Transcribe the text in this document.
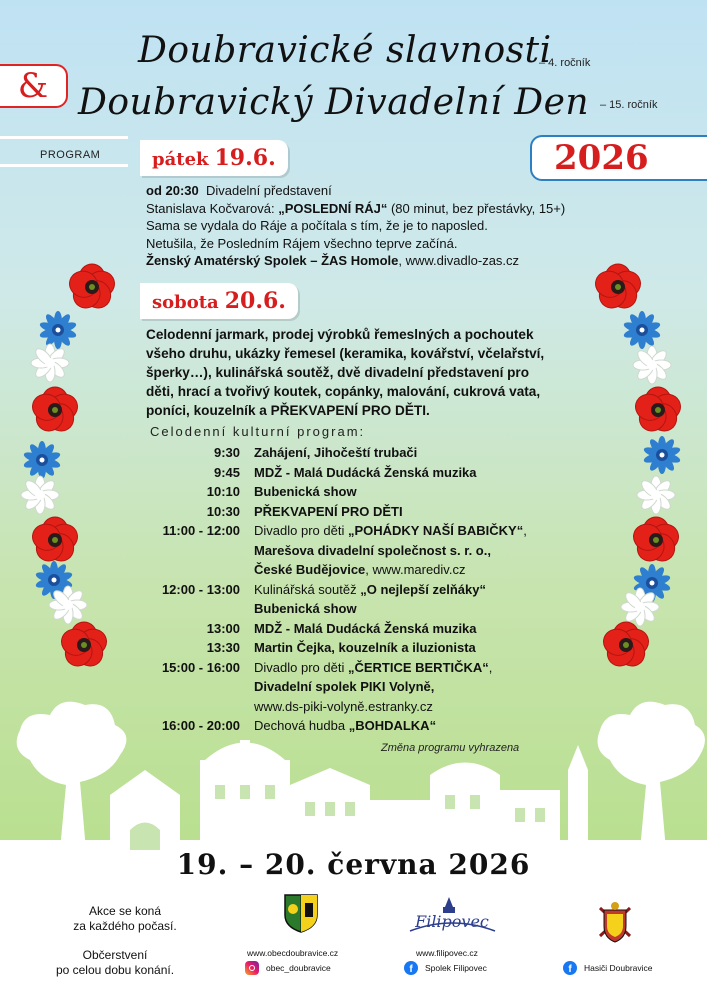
Doubravické slavnosti
– 4. ročník
& Doubravický Divadelní Den – 15. ročník
PROGRAM	2026
pátek 19.6.
od 20:30 Divadelní představení
Stanislava Kočvarová: „POSLEDNÍ RÁJ“ (80 minut, bez přestávky, 15+)
Sama se vydala do Ráje a počítala s tím, že je to naposled.
Netušila, že Posledním Rájem všechno teprve začíná.
Ženský Amatérský Spolek – ŽAS Homole, www.divadlo-zas.cz
sobota 20.6.
Celodenní jarmark, prodej výrobků řemeslných a pochoutek
všeho druhu, ukázky řemesel (keramika, kovářství, včelařství,
šperky…), kulinářská soutěž, dvě divadelní představení pro
děti, hrací a tvořivý koutek, copánky, malování, cukrová vata,
poníci, kouzelník a PŘEKVAPENÍ PRO DĚTI.
Celodenní kulturní program:
9:30	Zahájení, Jihočeští trubači
9:45	MDŽ - Malá Dudácká Ženská muzika
10:10	Bubenická show
10:30	PŘEKVAPENÍ PRO DĚTI
11:00 - 12:00	Divadlo pro děti „POHÁDKY NAŠÍ BABIČKY“,
Marešova divadelní společnost s. r. o.,
České Budějovice, www.marediv.cz
12:00 - 13:00	Kulinářská soutěž „O nejlepší zelňáky“
Bubenická show
13:00	MDŽ - Malá Dudácká Ženská muzika
13:30	Martin Čejka, kouzelník a iluzionista
15:00 - 16:00	Divadlo pro děti „ČERTICE BERTIČKA“,
Divadelní spolek PIKI Volyně,
www.ds-piki-volyně.estranky.cz
16:00 - 20:00	Dechová hudba „BOHDALKA“
Změna programu vyhrazena
19. – 20. června 2026
Akce se koná
za každého počasí.
Občerstvení
po celou dobu konání.
www.obecdoubravice.cz
obec_doubravice
Filipovec
www.filipovec.cz
f	Spolek Filipovec	f	Hasiči Doubravice
